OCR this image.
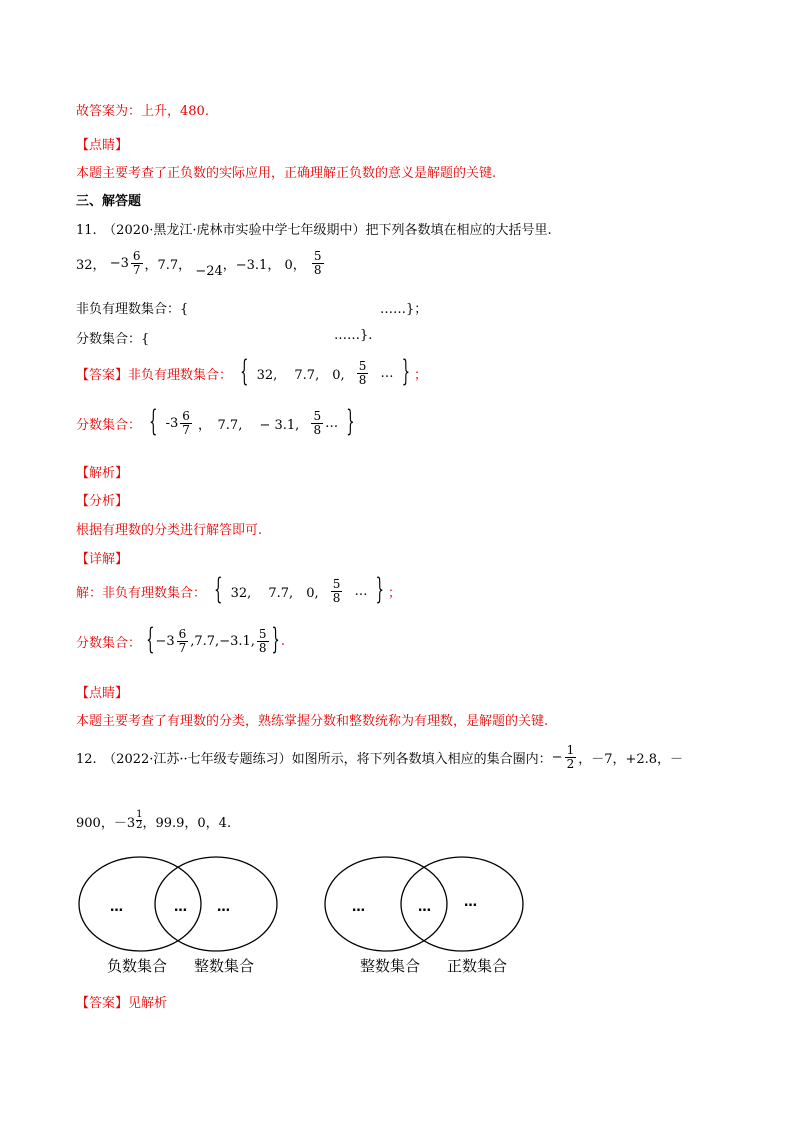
故答案为：上升，480.
【点睛】
本题主要考查了正负数的实际应用，正确理解正负数的意义是解题的关键.
三、解答题
11.　（2020·黑龙江·虎林市实验中学七年级期中）把下列各数填在相应的大括号里.
32， $-3 \frac{6}{7}$ ，7.7， −24，−3.1， 0， $\frac{5}{8}$
非负有理数集合：{	……}；
分数集合：{	……}.
【答案】非负有理数集合： { 32,　 7.7,　0, $\frac{5}{8}$ … } ；
分数集合： { $-3 \frac{6}{7}$ ，　7.7,　 − 3.1, $\frac{5}{8}$ … }
【解析】
【分析】
根据有理数的分类进行解答即可.
【详解】
解：非负有理数集合： { 32,　 7.7,　0, $\frac{5}{8}$ … } ；
分数集合： {$-3 \frac{6}{7} ,7.7,-3.1$, $\frac{5}{8}$ }.
【点睛】
本题主要考查了有理数的分类，熟练掌握分数和整数统称为有理数，是解题的关键.
12.　（2022·江苏··七年级专题练习）如图所示，将下列各数填入相应的集合圈内：− $\frac{1}{2}$ ，－7，+2.8，－
900，$-3 \frac{1}{2}$ ，99.9，0，4.
…	… …
负数集合 整数集合
…	…	…
整数集合 正数集合
【答案】见解析
